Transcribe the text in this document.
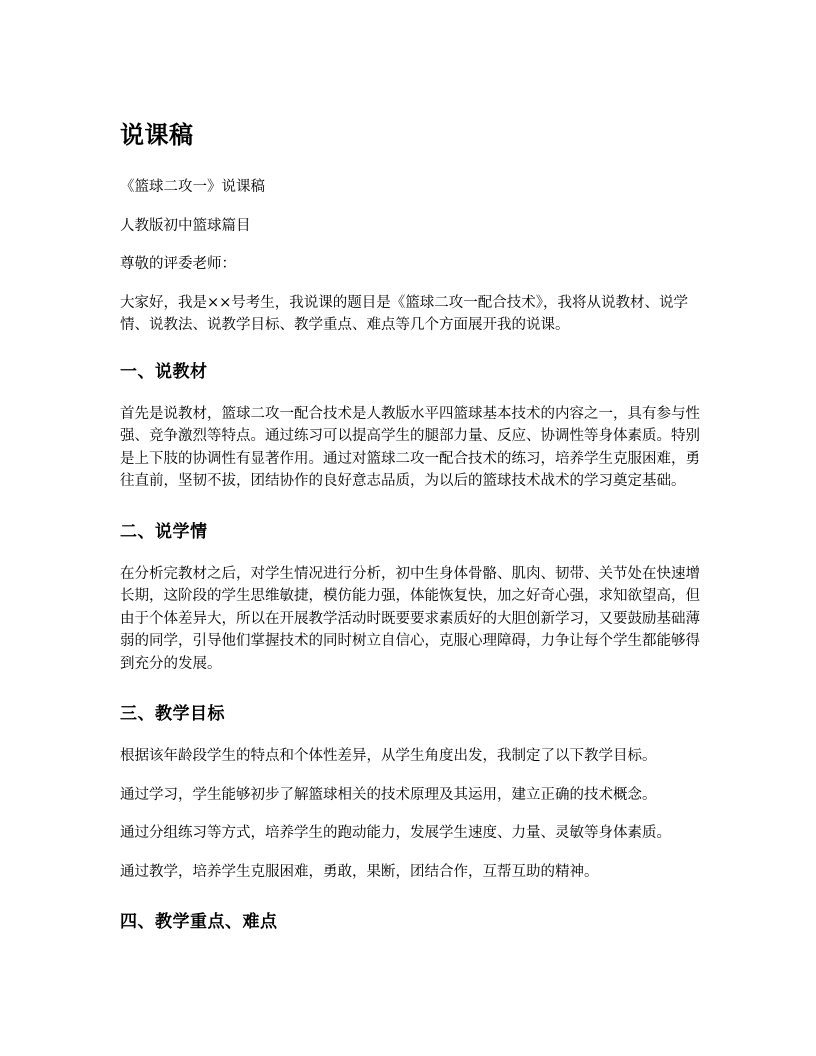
说课稿

《篮球二攻一》说课稿

人教版初中篮球篇目

尊敬的评委老师：

大家好，我是××号考生，我说课的题目是《篮球二攻一配合技术》，我将从说教材、说学情、说教法、说教学目标、教学重点、难点等几个方面展开我的说课。

一、说教材

首先是说教材，篮球二攻一配合技术是人教版水平四篮球基本技术的内容之一，具有参与性强、竞争激烈等特点。通过练习可以提高学生的腿部力量、反应、协调性等身体素质。特别是上下肢的协调性有显著作用。通过对篮球二攻一配合技术的练习，培养学生克服困难，勇往直前，坚韧不拔，团结协作的良好意志品质，为以后的篮球技术战术的学习奠定基础。

二、说学情

在分析完教材之后，对学生情况进行分析，初中生身体骨骼、肌肉、韧带、关节处在快速增长期，这阶段的学生思维敏捷，模仿能力强，体能恢复快，加之好奇心强，求知欲望高，但由于个体差异大，所以在开展教学活动时既要要求素质好的大胆创新学习，又要鼓励基础薄弱的同学，引导他们掌握技术的同时树立自信心，克服心理障碍，力争让每个学生都能够得到充分的发展。

三、教学目标

根据该年龄段学生的特点和个体性差异，从学生角度出发，我制定了以下教学目标。

通过学习，学生能够初步了解篮球相关的技术原理及其运用，建立正确的技术概念。

通过分组练习等方式，培养学生的跑动能力，发展学生速度、力量、灵敏等身体素质。

通过教学，培养学生克服困难，勇敢，果断，团结合作，互帮互助的精神。

四、教学重点、难点
